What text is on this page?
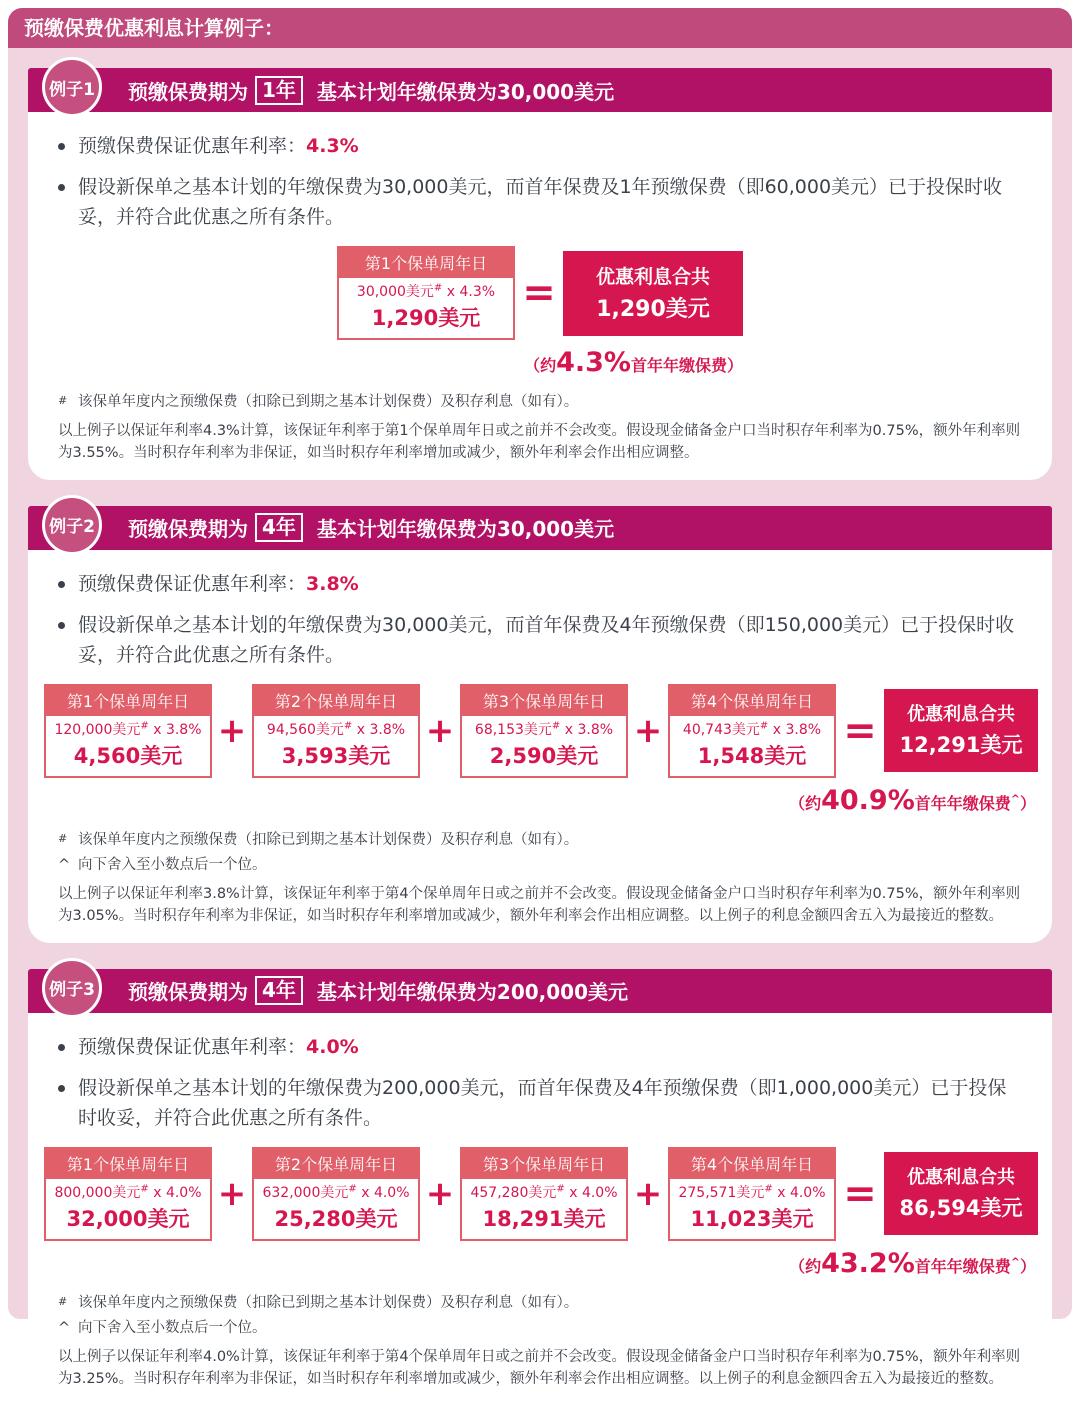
预缴保费优惠利息计算例子：
例子1	预缴保费期为 1年	基本计划年缴保费为30,000美元
预缴保费保证优惠年利率：4.3%
假设新保单之基本计划的年缴保费为30,000美元，而首年保费及1年预缴保费（即60,000美元）已于投保时收妥，并符合此优惠之所有条件。
第1个保单周年日
30,000美元# x 4.3%
1,290美元
=	优惠利息合共
1,290美元
（约4.3%首年年缴保费）
# 该保单年度内之预缴保费（扣除已到期之基本计划保费）及积存利息（如有）。

以上例子以保证年利率4.3%计算，该保证年利率于第1个保单周年日或之前并不会改变。假设现金储备金户口当时积存年利率为0.75%，额外年利率则为3.55%。当时积存年利率为非保证，如当时积存年利率增加或减少，额外年利率会作出相应调整。

例子2	预缴保费期为 4年	基本计划年缴保费为30,000美元
预缴保费保证优惠年利率：3.8%
假设新保单之基本计划的年缴保费为30,000美元，而首年保费及4年预缴保费（即150,000美元）已于投保时收妥，并符合此优惠之所有条件。
第1个保单周年日
120,000美元# x 3.8%
4,560美元
+
第2个保单周年日
94,560美元# x 3.8%
3,593美元
+
第3个保单周年日
68,153美元# x 3.8%
2,590美元
+
第4个保单周年日
40,743美元# x 3.8%
1,548美元
=	优惠利息合共
12,291美元
（约40.9%首年年缴保费^）
# 该保单年度内之预缴保费（扣除已到期之基本计划保费）及积存利息（如有）。
^ 向下舍入至小数点后一个位。

以上例子以保证年利率3.8%计算，该保证年利率于第4个保单周年日或之前并不会改变。假设现金储备金户口当时积存年利率为0.75%，额外年利率则为3.05%。当时积存年利率为非保证，如当时积存年利率增加或减少，额外年利率会作出相应调整。以上例子的利息金额四舍五入为最接近的整数。

例子3	预缴保费期为 4年	基本计划年缴保费为200,000美元
预缴保费保证优惠年利率：4.0%
假设新保单之基本计划的年缴保费为200,000美元，而首年保费及4年预缴保费（即1,000,000美元）已于投保时收妥，并符合此优惠之所有条件。
第1个保单周年日
800,000美元# x 4.0%
32,000美元
+
第2个保单周年日
632,000美元# x 4.0%
25,280美元
+
第3个保单周年日
457,280美元# x 4.0%
18,291美元
+
第4个保单周年日
275,571美元# x 4.0%
11,023美元
=	优惠利息合共
86,594美元
（约43.2%首年年缴保费^）
# 该保单年度内之预缴保费（扣除已到期之基本计划保费）及积存利息（如有）。
^ 向下舍入至小数点后一个位。

以上例子以保证年利率4.0%计算，该保证年利率于第4个保单周年日或之前并不会改变。假设现金储备金户口当时积存年利率为0.75%，额外年利率则为3.25%。当时积存年利率为非保证，如当时积存年利率增加或减少，额外年利率会作出相应调整。以上例子的利息金额四舍五入为最接近的整数。
